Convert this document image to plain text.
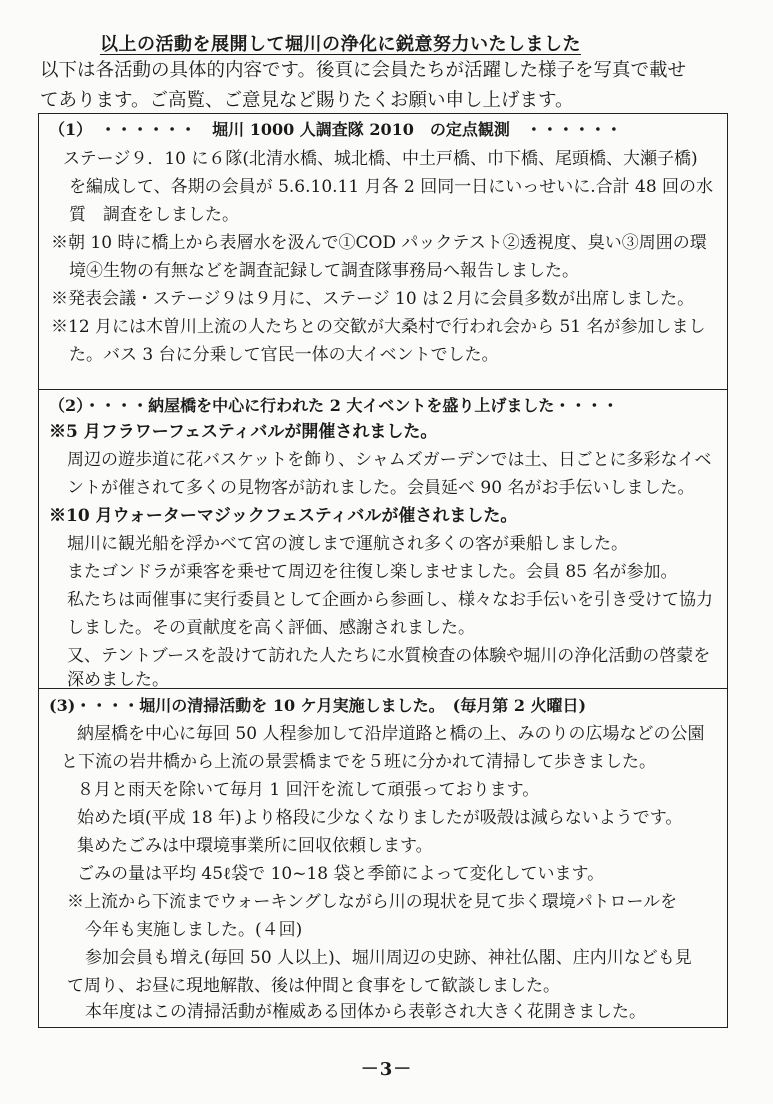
以上の活動を展開して堀川の浄化に鋭意努力いたしました
以下は各活動の具体的内容です。後頁に会員たちが活躍した様子を写真で載せ
てあります。ご高覧、ご意見など賜りたくお願い申し上げます。
（1）　・・・・・・　堀川 1000 人調査隊 2010　の定点観測　・・・・・・
ステージ９．10 に６隊(北清水橋、城北橋、中土戸橋、巾下橋、尾頭橋、大瀬子橋)
を編成して、各期の会員が 5.6.10.11 月各 2 回同一日にいっせいに.合計 48 回の水
質　調査をしました。
※朝 10 時に橋上から表層水を汲んで①COD パックテスト②透視度、臭い③周囲の環
境④生物の有無などを調査記録して調査隊事務局へ報告しました。
※発表会議・ステージ９は９月に、ステージ 10 は２月に会員多数が出席しました。
※12 月には木曽川上流の人たちとの交歓が大桑村で行われ会から 51 名が参加しまし
た。バス 3 台に分乗して官民一体の大イベントでした。
（2）・・・・納屋橋を中心に行われた 2 大イベントを盛り上げました・・・・
※5 月フラワーフェスティバルが開催されました。
周辺の遊歩道に花バスケットを飾り、シャムズガーデンでは土、日ごとに多彩なイベ
ントが催されて多くの見物客が訪れました。会員延べ 90 名がお手伝いしました。
※10 月ウォーターマジックフェスティバルが催されました。
堀川に観光船を浮かべて宮の渡しまで運航され多くの客が乗船しました。
またゴンドラが乗客を乗せて周辺を往復し楽しませました。会員 85 名が参加。
私たちは両催事に実行委員として企画から参画し、様々なお手伝いを引き受けて協力
しました。その貢献度を高く評価、感謝されました。
又、テントブースを設けて訪れた人たちに水質検査の体験や堀川の浄化活動の啓蒙を
深めました。
(3)・・・・堀川の清掃活動を 10 ケ月実施しました。　(毎月第 2 火曜日)
納屋橋を中心に毎回 50 人程参加して沿岸道路と橋の上、みのりの広場などの公園
と下流の岩井橋から上流の景雲橋までを５班に分かれて清掃して歩きました。
８月と雨天を除いて毎月 1 回汗を流して頑張っております。
始めた頃(平成 18 年)より格段に少なくなりましたが吸殻は減らないようです。
集めたごみは中環境事業所に回収依頼します。
ごみの量は平均 45ℓ袋で 10~18 袋と季節によって変化しています。
※上流から下流までウォーキングしながら川の現状を見て歩く環境パトロールを
今年も実施しました。(４回)
参加会員も増え(毎回 50 人以上)、堀川周辺の史跡、神社仏閣、庄内川なども見
て周り、お昼に現地解散、後は仲間と食事をして歓談しました。
本年度はこの清掃活動が権威ある団体から表彰され大きく花開きました。
－3－
